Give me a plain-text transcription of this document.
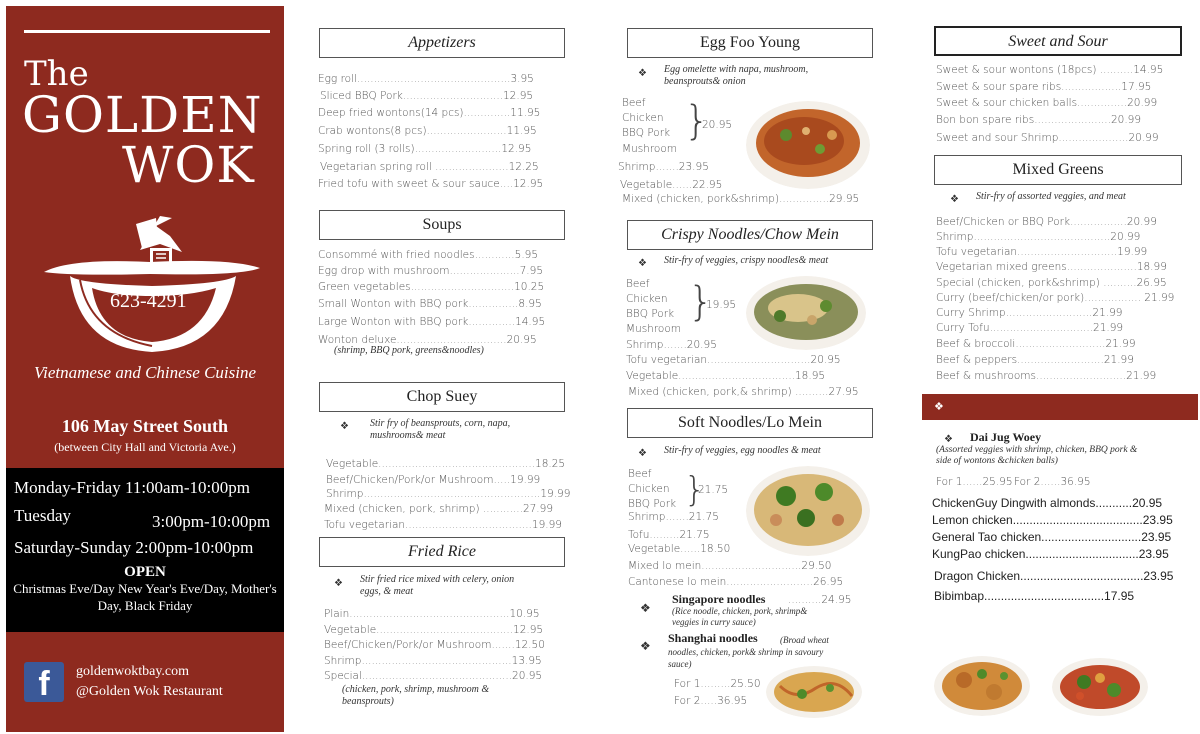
The
GOLDEN
WOK
623-4291
Vietnamese and Chinese Cuisine
106 May Street South
(between City Hall and Victoria Ave.)
Monday-Friday 11:00am-10:00pm
Tuesday	3:00pm-10:00pm
Saturday-Sunday 2:00pm-10:00pm
OPEN
Christmas Eve/Day New Year's Eve/Day, Mother's Day, Black Friday
f	goldenwoktbay.com
@Golden Wok Restaurant
Appetizers
Egg roll..............................................3.95
Sliced BBQ Pork..............................12.95
Deep fried wontons(14 pcs)..............11.95
Crab wontons(8 pcs)........................11.95
Spring roll (3 rolls)..........................12.95
Vegetarian spring roll ......................12.25
Fried tofu with sweet & sour sauce....12.95
Soups
Consommé with fried noodles............5.95
Egg drop with mushroom.....................7.95
Green vegetables...............................10.25
Small Wonton with BBQ pork...............8.95
Large Wonton with BBQ pork..............14.95
Wonton deluxe.................................20.95
(shrimp, BBQ pork, greens&noodles)
Chop Suey
❖ Stir fry of beansprouts, corn, napa, mushrooms& meat
Vegetable...............................................18.25
Beef/Chicken/Pork/or Mushroom.....19.99
Shrimp.....................................................19.99
Mixed (chicken, pork, shrimp) ............27.99
Tofu vegetarian......................................19.99
Fried Rice
❖ Stir fried rice mixed with celery, onion eggs, & meat
Plain................................................10.95
Vegetable.........................................12.95
Beef/Chicken/Pork/or Mushroom.......12.50
Shrimp.............................................13.95
Special.............................................20.95
(chicken, pork, shrimp, mushroom & beansprouts)
Egg Foo Young
❖ Egg omelette with napa, mushroom, beansprouts& onion
Beef
Chicken
BBQ Pork
Mushroom
}
20.95
Shrimp.......23.95
Vegetable......22.95
Mixed (chicken, pork&shrimp)...............29.95
Crispy Noodles/Chow Mein
❖ Stir-fry of veggies, crispy noodles& meat
Beef
Chicken
BBQ Pork
Mushroom
}
19.95
Shrimp.......20.95
Tofu vegetarian...............................20.95
Vegetable...................................18.95
Mixed (chicken, pork,& shrimp) ..........27.95
Soft Noodles/Lo Mein
❖ Stir-fry of veggies, egg noodles & meat
Beef
Chicken
BBQ Pork }
21.75
Shrimp.......21.75
Tofu.........21.75
Vegetable......18.50
Mixed lo mein..............................29.50
Cantonese lo mein..........................26.95
❖
Singapore noodles ..........24.95
(Rice noodle, chicken, pork, shrimp& veggies in curry sauce)
❖
Shanghai noodles	(Broad wheat noodles, chicken, pork& shrimp in savoury sauce)
For 1.........25.50
For 2.....36.95
Sweet and Sour
Sweet & sour wontons (18pcs) ..........14.95
Sweet & sour spare ribs..................17.95
Sweet & sour chicken balls...............20.99
Bon bon spare ribs.......................20.99
Sweet and sour Shrimp.....................20.99
Mixed Greens
❖ Stir-fry of assorted veggies, and meat
Beef/Chicken or BBQ Pork.................20.99
Shrimp.........................................20.99
Tofu vegetarian..............................19.99
Vegetarian mixed greens.....................18.99
Special (chicken, pork&shrimp) ..........26.95
Curry (beef/chicken/or pork)................. 21.99
Curry Shrimp..........................21.99
Curry Tofu...............................21.99
Beef & broccoli...........................21.99
Beef & peppers..........................21.99
Beef & mushrooms...........................21.99
❖
❖ Dai Jug Woey
(Assorted veggies with shrimp, chicken, BBQ pork & side of wontons &chicken balls)
For 1......25.95 For 2......36.95
ChickenGuy Dingwith almonds...........20.95
Lemon chicken.......................................23.95
General Tao chicken..............................23.95
KungPao chicken..................................23.95
Dragon Chicken.....................................23.95
Bibimbap....................................17.95
